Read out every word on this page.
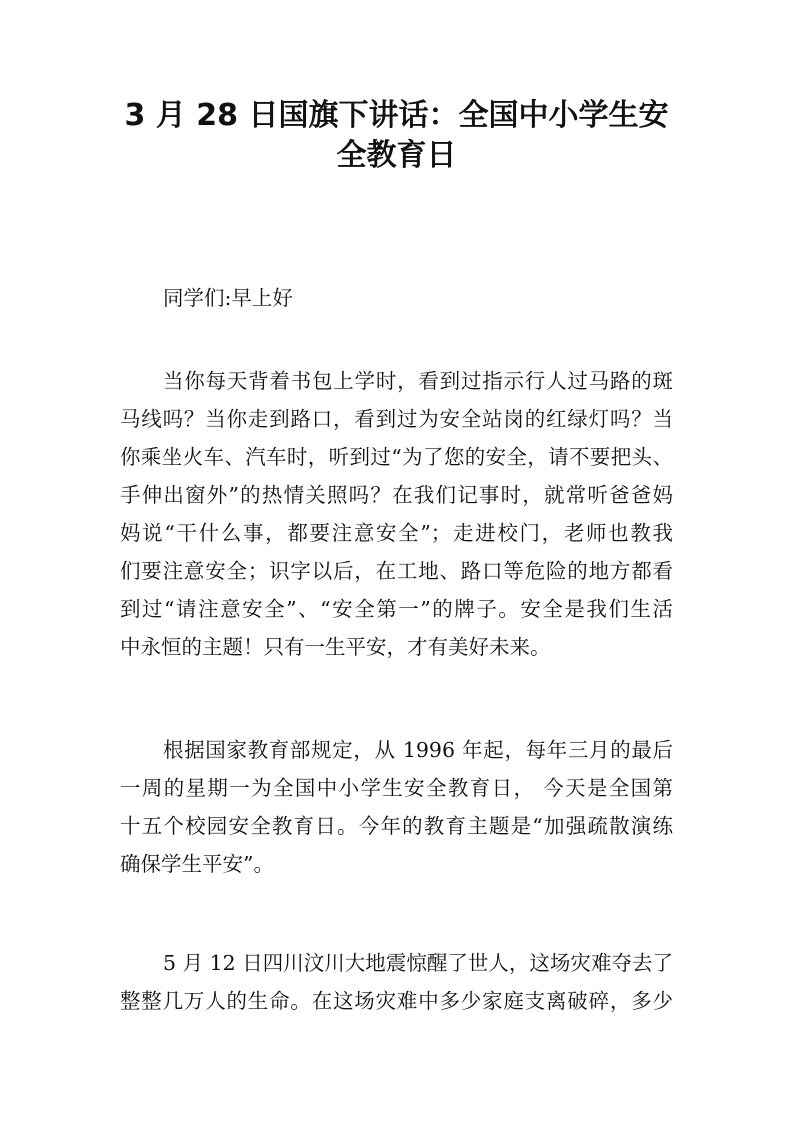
3 月 28 日国旗下讲话：全国中小学生安
全教育日
同学们:早上好
当你每天背着书包上学时，看到过指示行人过马路的斑
马线吗？当你走到路口，看到过为安全站岗的红绿灯吗？当
你乘坐火车、汽车时，听到过“为了您的安全，请不要把头、
手伸出窗外”的热情关照吗？在我们记事时，就常听爸爸妈
妈说“干什么事，都要注意安全”；走进校门，老师也教我
们要注意安全；识字以后，在工地、路口等危险的地方都看
到过“请注意安全”、“安全第一”的牌子。安全是我们生活
中永恒的主题！只有一生平安，才有美好未来。
根据国家教育部规定，从 1996 年起，每年三月的最后
一周的星期一为全国中小学生安全教育日， 今天是全国第
十五个校园安全教育日。今年的教育主题是“加强疏散演练
确保学生平安”。
5 月 12 日四川汶川大地震惊醒了世人，这场灾难夺去了
整整几万人的生命。在这场灾难中多少家庭支离破碎，多少
